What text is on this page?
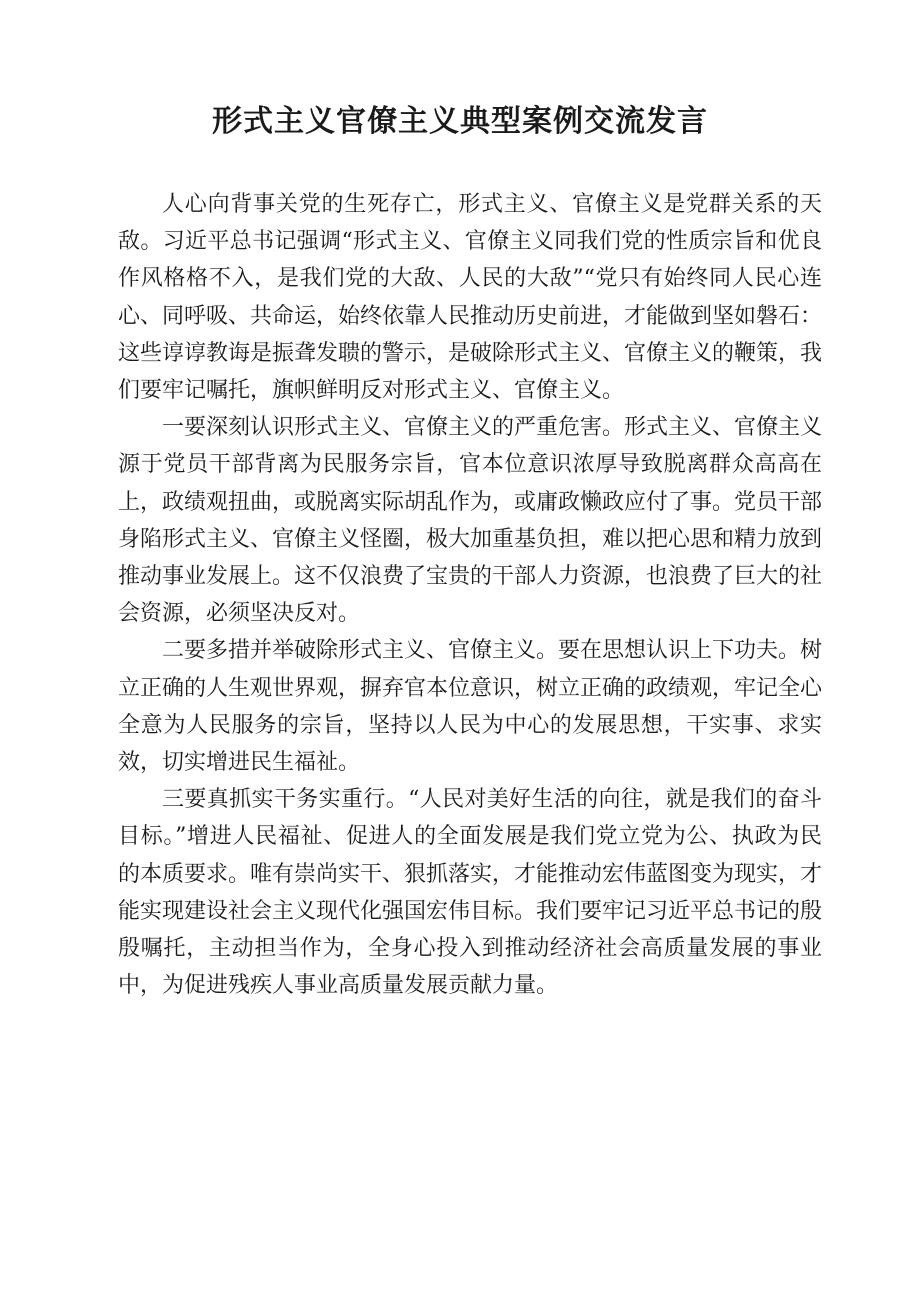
形式主义官僚主义典型案例交流发言

人心向背事关党的生死存亡，形式主义、官僚主义是党群关系的天敌。习近平总书记强调“形式主义、官僚主义同我们党的性质宗旨和优良作风格格不入，是我们党的大敌、人民的大敌”“党只有始终同人民心连心、同呼吸、共命运，始终依靠人民推动历史前进，才能做到坚如磐石：这些谆谆教诲是振聋发聩的警示，是破除形式主义、官僚主义的鞭策，我们要牢记嘱托，旗帜鲜明反对形式主义、官僚主义。

一要深刻认识形式主义、官僚主义的严重危害。形式主义、官僚主义源于党员干部背离为民服务宗旨，官本位意识浓厚导致脱离群众高高在上，政绩观扭曲，或脱离实际胡乱作为，或庸政懒政应付了事。党员干部身陷形式主义、官僚主义怪圈，极大加重基负担，难以把心思和精力放到推动事业发展上。这不仅浪费了宝贵的干部人力资源，也浪费了巨大的社会资源，必须坚决反对。

二要多措并举破除形式主义、官僚主义。要在思想认识上下功夫。树立正确的人生观世界观，摒弃官本位意识，树立正确的政绩观，牢记全心全意为人民服务的宗旨，坚持以人民为中心的发展思想，干实事、求实效，切实增进民生福祉。

三要真抓实干务实重行。“人民对美好生活的向往，就是我们的奋斗目标。”增进人民福祉、促进人的全面发展是我们党立党为公、执政为民的本质要求。唯有崇尚实干、狠抓落实，才能推动宏伟蓝图变为现实，才能实现建设社会主义现代化强国宏伟目标。我们要牢记习近平总书记的殷殷嘱托，主动担当作为，全身心投入到推动经济社会高质量发展的事业中，为促进残疾人事业高质量发展贡献力量。
